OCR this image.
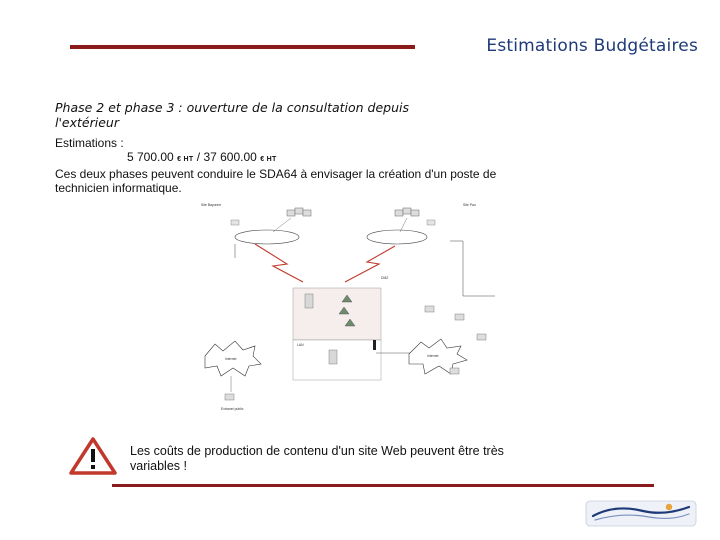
Estimations Budgétaires
Phase 2 et phase 3 : ouverture de la consultation depuis l'extérieur
Estimations :
5 700.00 € HT / 37 600.00 € HT
Ces deux phases peuvent conduire le SDA64 à envisager la création d'un poste de technicien informatique.
Site Bayonne	Site Pau
DMZ
LAN
Internet
Internet
Extranet public
Les coûts de production de contenu d'un site Web peuvent être très variables !
